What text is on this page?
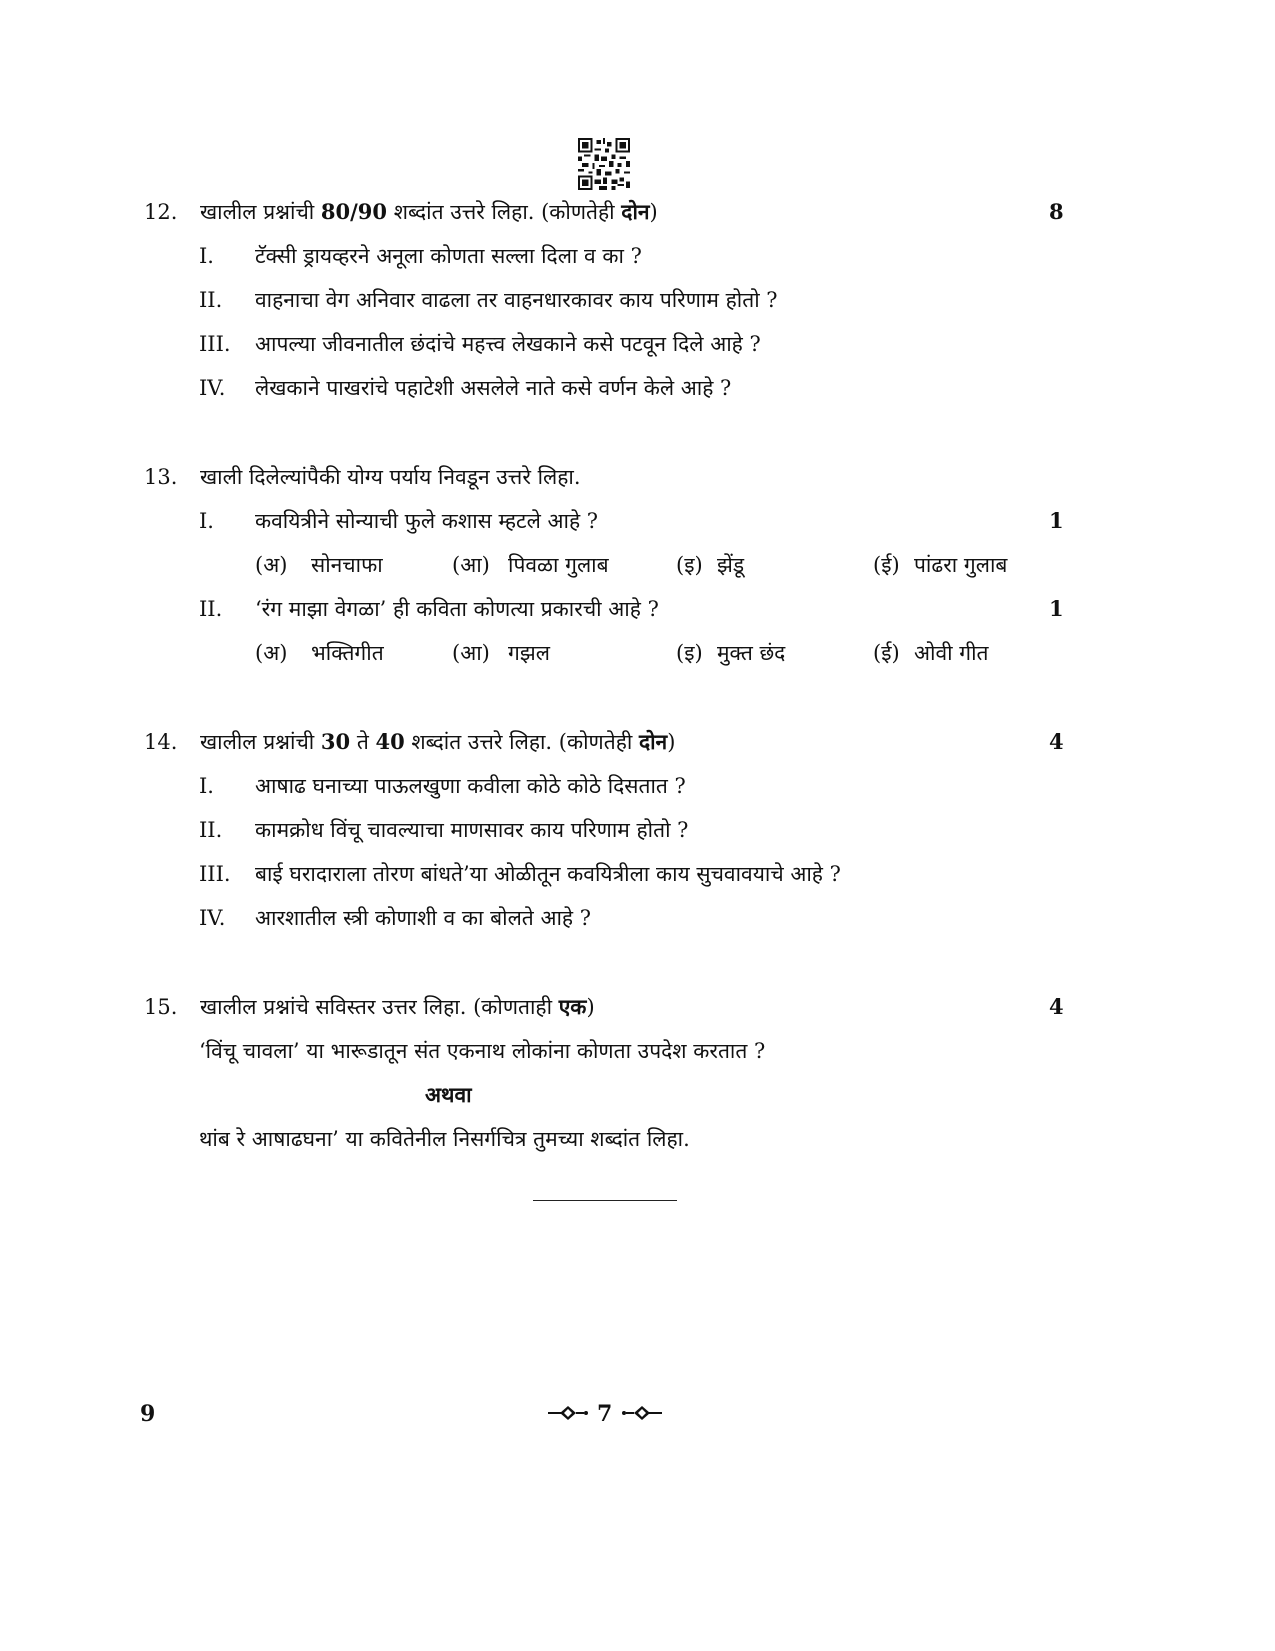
12. खालील प्रश्नांची 80/90 शब्दांत उत्तरे लिहा. (कोणतेही दोन)	8
I. टॅक्सी ड्रायव्हरने अनूला कोणता सल्ला दिला व का ?
II. वाहनाचा वेग अनिवार वाढला तर वाहनधारकावर काय परिणाम होतो ?
III. आपल्या जीवनातील छंदांचे महत्त्व लेखकाने कसे पटवून दिले आहे ?
IV. लेखकाने पाखरांचे पहाटेशी असलेले नाते कसे वर्णन केले आहे ?
13. खाली दिलेल्यांपैकी योग्य पर्याय निवडून उत्तरे लिहा.
I. कवयित्रीने सोन्याची फुले कशास म्हटले आहे ?	1
(अ) सोनचाफा	(आ) पिवळा गुलाब	(इ) झेंडू	(ई) पांढरा गुलाब
II. ‘रंग माझा वेगळा’ ही कविता कोणत्या प्रकारची आहे ?	1
(अ) भक्तिगीत	(आ) गझल	(इ) मुक्त छंद	(ई) ओवी गीत
14. खालील प्रश्नांची 30 ते 40 शब्दांत उत्तरे लिहा. (कोणतेही दोन)	4
I. आषाढ घनाच्या पाऊलखुणा कवीला कोठे कोठे दिसतात ?
II. कामक्रोध विंचू चावल्याचा माणसावर काय परिणाम होतो ?
III. बाई घरादाराला तोरण बांधते’या ओळीतून कवयित्रीला काय सुचवावयाचे आहे ?
IV. आरशातील स्त्री कोणाशी व का बोलते आहे ?
15. खालील प्रश्नांचे सविस्तर उत्तर लिहा. (कोणताही एक)	4
‘विंचू चावला’ या भारूडातून संत एकनाथ लोकांना कोणता उपदेश करतात ?
अथवा
थांब रे आषाढघना’ या कवितेनील निसर्गचित्र तुमच्या शब्दांत लिहा.
9	7
